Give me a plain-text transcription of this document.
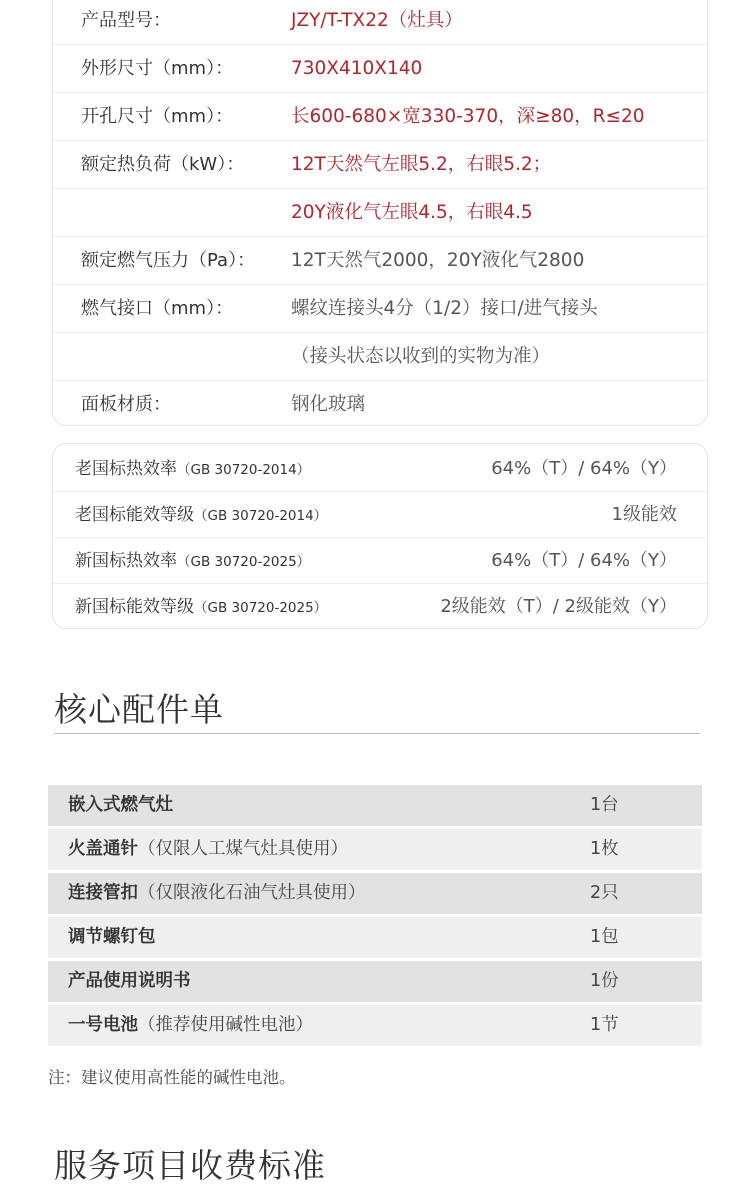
产品型号：	JZY/T-TX22（灶具）
外形尺寸（mm）：	730X410X140
开孔尺寸（mm）：	长600-680×宽330-370，深≥80，R≤20
额定热负荷（kW）：	12T天然气左眼5.2，右眼5.2；
20Y液化气左眼4.5，右眼4.5
额定燃气压力（Pa）： 12T天然气2000，20Y液化气2800
燃气接口（mm）：	螺纹连接头4分（1/2）接口/进气接头
（接头状态以收到的实物为准）
面板材质：	钢化玻璃
老国标热效率（GB 30720-2014）	64%（T）/ 64%（Y）
老国标能效等级（GB 30720-2014）	1级能效
新国标热效率（GB 30720-2025）	64%（T）/ 64%（Y）
新国标能效等级（GB 30720-2025）	2级能效（T）/ 2级能效（Y）
核心配件单
嵌入式燃气灶	1台
火盖通针（仅限人工煤气灶具使用）	1枚
连接管扣（仅限液化石油气灶具使用）	2只
调节螺钉包	1包
产品使用说明书	1份
一号电池（推荐使用碱性电池）	1节

注：建议使用高性能的碱性电池。

服务项目收费标准
